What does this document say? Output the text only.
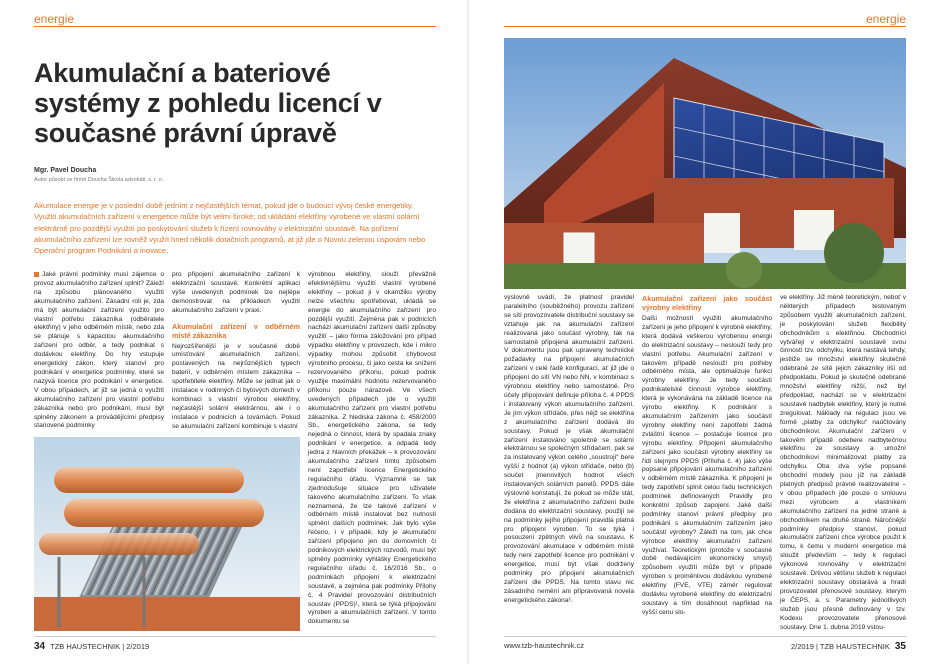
energie
Akumulační a bateriové systémy z pohledu licencí v současné právní úpravě
Mgr. Pavel Doucha
Autor působí ve firmě Doucha Šikola advokáti, s. r. o.
Akumulace energie je v poslední době jedním z nejčastějších témat, pokud jde o budoucí vývoj české energetiky. Využití akumulačních zařízení v energetice může být velmi široké; od ukládání elektřiny vyrobené ve vlastní solární elektrárně pro pozdější využití po poskytování služeb k řízení rovnováhy v elektrizační soustavě. Na pořízení akumulačního zařízení lze rovněž využít hned několik dotačních programů, at již jde o Novou zelenou úsporám nebo Operační program Podnikání a inovace.

Jaké právní podmínky musí zájemce o provoz akumulačního zařízení splnit? Záleží na způsobu plánovaného využití akumulačního zařízení. Zásadní roli je, zda má být akumulační zařízení využito pro vlastní potřebu zákazníka (odběratele elektřiny) v jeho odběrném místě, nebo zda se plánuje s kapacitou akumulačního zařízení pro odběr, a tedy podnikat s dodávkou elektřiny. Do hry vstupuje energetický zákon, který stanoví pro podnikání v energetice podmínky, které se nazývá licence pro podnikání v energetice. V obou případech, ať již se jedná o využití akumulačního zařízení pro vlastní potřebu zákazníka nebo pro podnikání, musí být splněny zákonem a provádějícími předpisy stanovené podmínky

pro připojení akumulačního zařízení k elektrizační soustavě. Konkrétní aplikaci výše uvedených podmínek lze nejlépe demonstrovat na příkladech využití akumulačního zařízení v praxi.

Akumulační zařízení v odběrném místě zákazníka

Nejrozšířenější je v současné době umísťování akumulačních zařízení, postavených na nejrůznějších typech baterií, v odběrném místem zákazníka – spotřebitele elektřiny. Může se jednat jak o instalace v rodinných či bytových domech v kombinaci s vlastní výrobou elektřiny, nejčastější solární elektrárnou, ale i o instalace v podnicích a továrnách. Pokud se akumulační zařízení kombinuje s vlastní

výrobnou elektřiny, slouží převážně efektivnějšímu využití vlastní vyrobené elektřiny – pokud ji v okamžiku výroby nelze všechnu spotřebovat, ukládá se energie do akumulačního zařízení pro pozdější využití. Zejména pak v podnicích nachází akumulační zařízení další způsoby využití – jako forma záložování pro případ výpadku elektřiny v provozech, kde i mikro výpadky mohou způsobit chybovost výrobního procesu, či jako cesta ke snížení rezervovaného příkonu, pokud podnik využije maximální hodnotu rezervovaného příkonu pouze nárazově. Ve všech uvedených případech jde o využití akumulačního zařízení pro vlastní potřebu zákazníka. Z hlediska zákona č. 458/2000 Sb., energetického zákona, se tedy nejedná o činnost, která by spadala znaky podnikání v energetice, a odpadá tedy jedna z hlavních překážek – k provozování akumulačního zařízení tímto způsobem není zapotřebí licence Energetického regulačního úřadu. Významně se tak zjednodušuje situace pro uživatele takového akumulačního zařízení. To však neznamená, že lze takové zařízení v odběrném místě instalovat bez nutnosti splnění dalších podmínek. Jak bylo výše řečeno, i v případě, kdy je akumulační zařízení připojeno jen do domovních či podnikových elektrických rozvodů, musí být splněny podmínky vyhlášky Energetického regulačního úřadu č. 16/2016 Sb., o podmínkách připojení k elektrizační soustavě, a zejména pak podmínky Přílohy č. 4 Pravidel provozování distribučních soustav (PPDS)¹, která se týká připojování výroben a akumulačních zařízení. V tomto dokumentu se

34 TZB HAUSTECHNIK | 2/2019
energie

výslovně uvádí, že platnost pravidel paralelního (souběžného) provozu zařízení se sítí provozovatele distribuční soustavy se vztahuje jak na akumulační zařízení realizovaná jako součást výrobny, tak na samostatně připojená akumulační zařízení. V dokumentu jsou pak upraveny technické požadavky na připojení akumulačních zařízení v celé řadě konfigurací, ať již jde o připojení do sítí VN nebo NN, v kombinaci s výrobnou elektřiny nebo samostatně. Pro účely připojování definuje příloha č. 4 PPDS i instalovaný výkon akumulačního zařízení. Je jím výkon střídače, přes nějž se elektřina z akumulačního zařízení dodává do soustavy. Pokud je však akumulační zařízení instalováno společně se solární elektrárnou se společným střídačem, pak se za instalovaný výkon celého „soustrojí“ bere vyšší z hodnot (a) výkon střídače, nebo (b) součet jmenovitých hodnot všech instalovaných solárních panelů. PPDS dále výslovně konstatují, že pokud se může stát, že elektřina z akumulačního zařízení bude dodána do elektrizační soustavy, použijí se na podmínky jejího připojení pravidla platná pro připojení výroben. To se týká i posouzení zpětných vlivů na soustavu. K provozování akumulace v odběrném místě tedy není zapotřebí licence pro podnikání v energetice, musí být však dodrženy podmínky pro připojení akumulačních zařízení dle PPDS. Na tomto stavu nic zásadního nemění ani připravovaná novela energetického zákona².

Akumulační zařízení jako součást výrobny elektřiny

Další možností využití akumulačního zařízení je jeho připojení k výrobně elektřiny, která dodává veškerou vyrobenou energii do elektrizační soustavy – neslouží tedy pro vlastní potřebu. Akumulační zařízení v takovém případě neslouží pro potřeby odběrného místa, ale optimalizuje funkci výrobny elektřiny. Je tedy součástí podnikatelské činnosti výrobce elektřiny, která je vykonávána na základě licence na výrobu elektřiny. K podnikání s akumulačním zařízením jako součástí výrobny elektřiny není zapotřebí žádná zvláštní licence – postačuje licence pro výrobu elektřiny. Připojení akumulačního zařízení jako součásti výrobny elektřiny se řídí stejnými PPDS (Příloha č. 4) jako výše popsané připojování akumulačního zařízení v odběrném místě zákazníka. K připojení je tedy zapotřebí splnit celou řadu technických podmínek definovaných Pravidly pro konkrétní způsob zapojení. Jaké další podmínky stanoví právní předpisy pro podnikání s akumulačním zařízením jako součástí výrobny? Záleží na tom, jak chce výrobce elektřiny akumulační zařízení využívat. Teoretickým (protože v současné době nedávajícím ekonomický smysl) způsobem využití může být v případě výroben s proměnlivou dodávkou vyrobené elektřiny (FVE, VTE) záměr regulovat dodávku vyrobené elektřiny do elektrizační soustavy a tím dosáhnout například na vyšší cenu slo-

ve elektřiny. Již méně teoretickým, neboť v některých případech testovaným způsobem využití akumulačních zařízení, je poskytování služeb flexibility obchodníkům s elektřinou. Obchodníci vytvářejí v elektrizační soustavě svou činností tzv. odchylku, která nastává tehdy, jestliže se množství elektřiny skutečně odebrané ze sítě jejich zákazníky liší od předpokladu. Pokud je skutečně odebrané množství elektřiny nižší, než byl předpoklad, nachází se v elektrizační soustavě nadbytek elektřiny, který je nutné zregulovat. Náklady na regulaci jsou ve formě „platby za odchylku“ naúčtovány obchodníkovi. Akumulační zařízení v takovém případě odebere nadbytečnou elektřinu ze soustavy a umožní obchodníkovi minimalizovat platby za odchylku. Oba dva výše popsané obchodní modely jsou již na základě platných předpisů právně realizovatelné – v obou případech jde pouze o smlouvu mezi výrobcem a vlastníkem akumulačního zařízení na jedné straně a obchodníkem na druhé straně. Náročnější podmínky předpisy stanoví, pokud akumulační zařízení chce výrobce použít k tomu, k čemu v moderní energetice má sloužit především – tedy k regulaci výkonové rovnováhy v elektrizační soustavě. Drtivou většinu služeb k regulaci elektrizační soustavy obstarává a hradí provozovatel přenosové soustavy, kterým je ČEPS, a. s. Parametry jednotlivých služeb jsou přesně definovány v tzv. Kodexu provozovatele přenosové soustavy. Dne 1. dubna 2019 vstou-

www.tzb-haustechnik.cz	2/2019 | TZB HAUSTECHNIK 35
